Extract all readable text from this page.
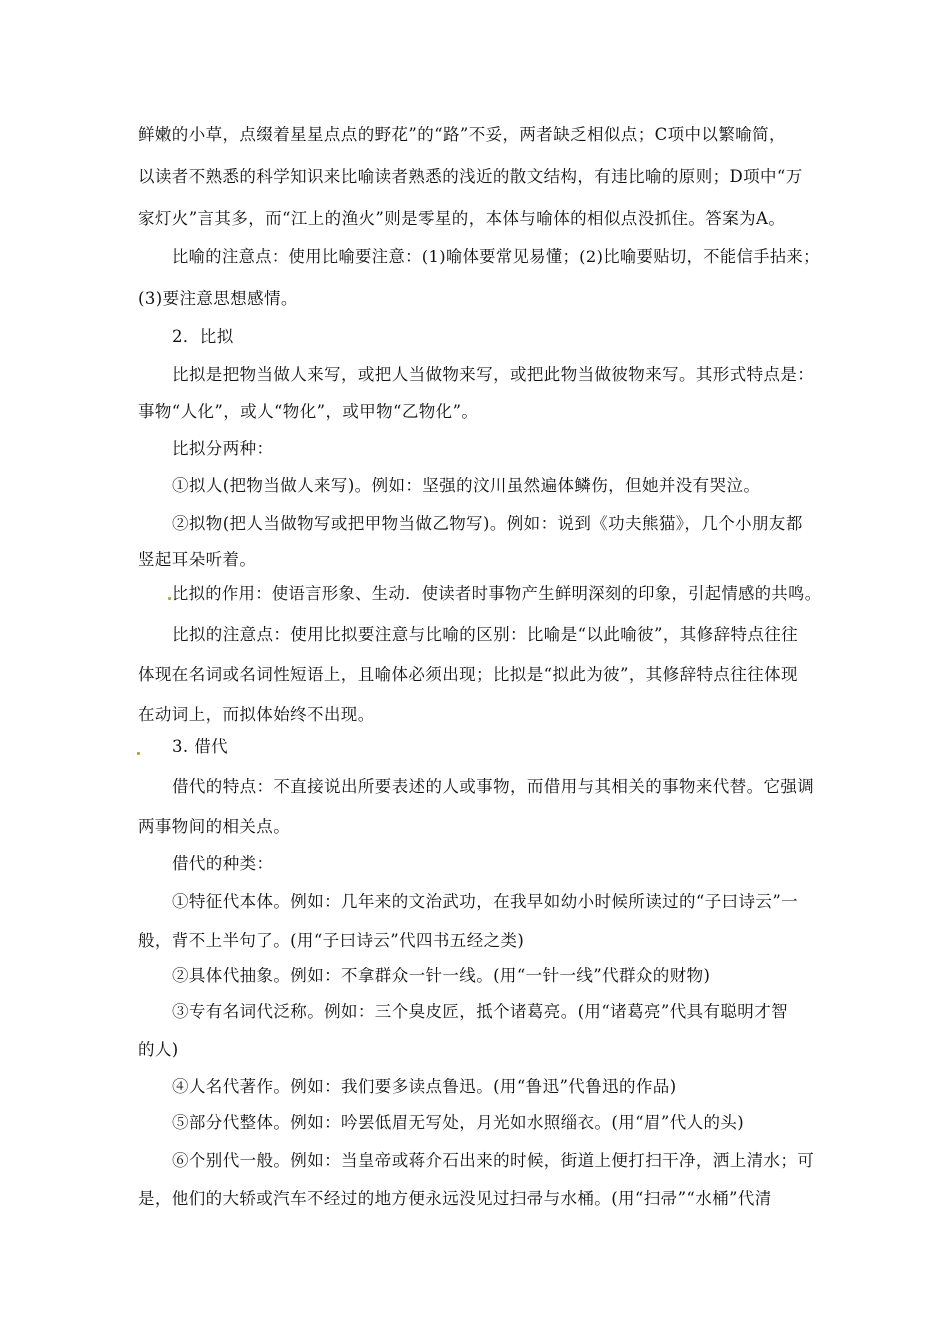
鲜嫩的小草，点缀着星星点点的野花”的“路”不妥，两者缺乏相似点；C项中以繁喻简，
以读者不熟悉的科学知识来比喻读者熟悉的浅近的散文结构，有违比喻的原则；D项中“万
家灯火”言其多，而“江上的渔火”则是零星的，本体与喻体的相似点没抓住。答案为A。
比喻的注意点：使用比喻要注意：(1)喻体要常见易懂；(2)比喻要贴切，不能信手拈来；
(3)要注意思想感情。
2．比拟
比拟是把物当做人来写，或把人当做物来写，或把此物当做彼物来写。其形式特点是：
事物“人化”，或人“物化”，或甲物“乙物化”。
比拟分两种：
①拟人(把物当做人来写)。例如：坚强的汶川虽然遍体鳞伤，但她并没有哭泣。
②拟物(把人当做物写或把甲物当做乙物写)。例如：说到《功夫熊猫》，几个小朋友都
竖起耳朵听着。
比拟的作用：使语言形象、生动．使读者时事物产生鲜明深刻的印象，引起情感的共鸣。
比拟的注意点：使用比拟要注意与比喻的区别：比喻是“以此喻彼”，其修辞特点往往
体现在名词或名词性短语上，且喻体必须出现；比拟是“拟此为彼”，其修辞特点往往体现
在动词上，而拟体始终不出现。
3. 借代
借代的特点：不直接说出所要表述的人或事物，而借用与其相关的事物来代替。它强调
两事物间的相关点。
借代的种类：
①特征代本体。例如：几年来的文治武功，在我早如幼小时候所读过的“子曰诗云”一
般，背不上半句了。(用“子曰诗云”代四书五经之类)
②具体代抽象。例如：不拿群众一针一线。(用“一针一线”代群众的财物)
③专有名词代泛称。例如：三个臭皮匠，抵个诸葛亮。(用“诸葛亮”代具有聪明才智
的人)
④人名代著作。例如：我们要多读点鲁迅。(用“鲁迅”代鲁迅的作品)
⑤部分代整体。例如：吟罢低眉无写处，月光如水照缁衣。(用“眉”代人的头)
⑥个别代一般。例如：当皇帝或蒋介石出来的时候，街道上便打扫干净，洒上清水；可
是，他们的大轿或汽车不经过的地方便永远没见过扫帚与水桶。(用“扫帚”“水桶”代清
